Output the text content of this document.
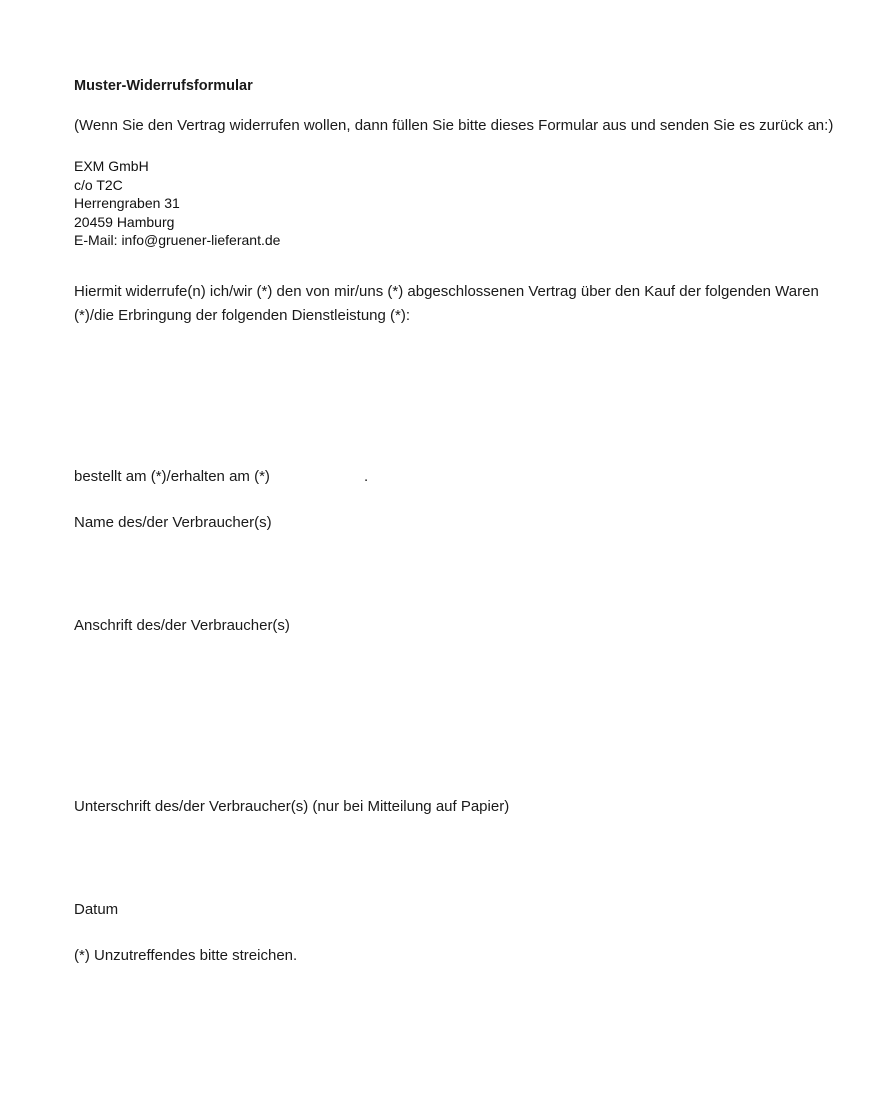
Muster-Widerrufsformular

(Wenn Sie den Vertrag widerrufen wollen, dann füllen Sie bitte dieses Formular aus und senden Sie es zurück an:)

EXM GmbH
c/o T2C
Herrengraben 31
20459 Hamburg
E-Mail: info@gruener-lieferant.de

Hiermit widerrufe(n) ich/wir (*) den von mir/uns (*) abgeschlossenen Vertrag über den Kauf der folgenden Waren (*)/die Erbringung der folgenden Dienstleistung (*):

bestellt am (*)/erhalten am (*)	.

Name des/der Verbraucher(s)

Anschrift des/der Verbraucher(s)

Unterschrift des/der Verbraucher(s) (nur bei Mitteilung auf Papier)

Datum

(*) Unzutreffendes bitte streichen.
